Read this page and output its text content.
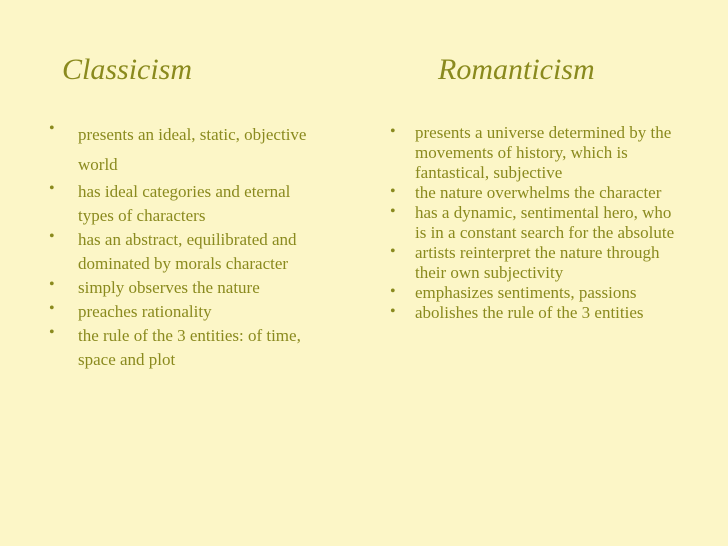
Classicism
• presents an ideal, static, objective world
• has ideal categories and eternal types of characters
• has an abstract, equilibrated and dominated by morals character
• simply observes the nature
• preaches rationality
• the rule of the 3 entities: of time, space and plot
Romanticism
• presents a universe determined by the movements of history, which is fantastical, subjective
• the nature overwhelms the character
• has a dynamic, sentimental hero, who is in a constant search for the absolute
• artists reinterpret the nature through their own subjectivity
• emphasizes sentiments, passions
• abolishes the rule of the 3 entities
